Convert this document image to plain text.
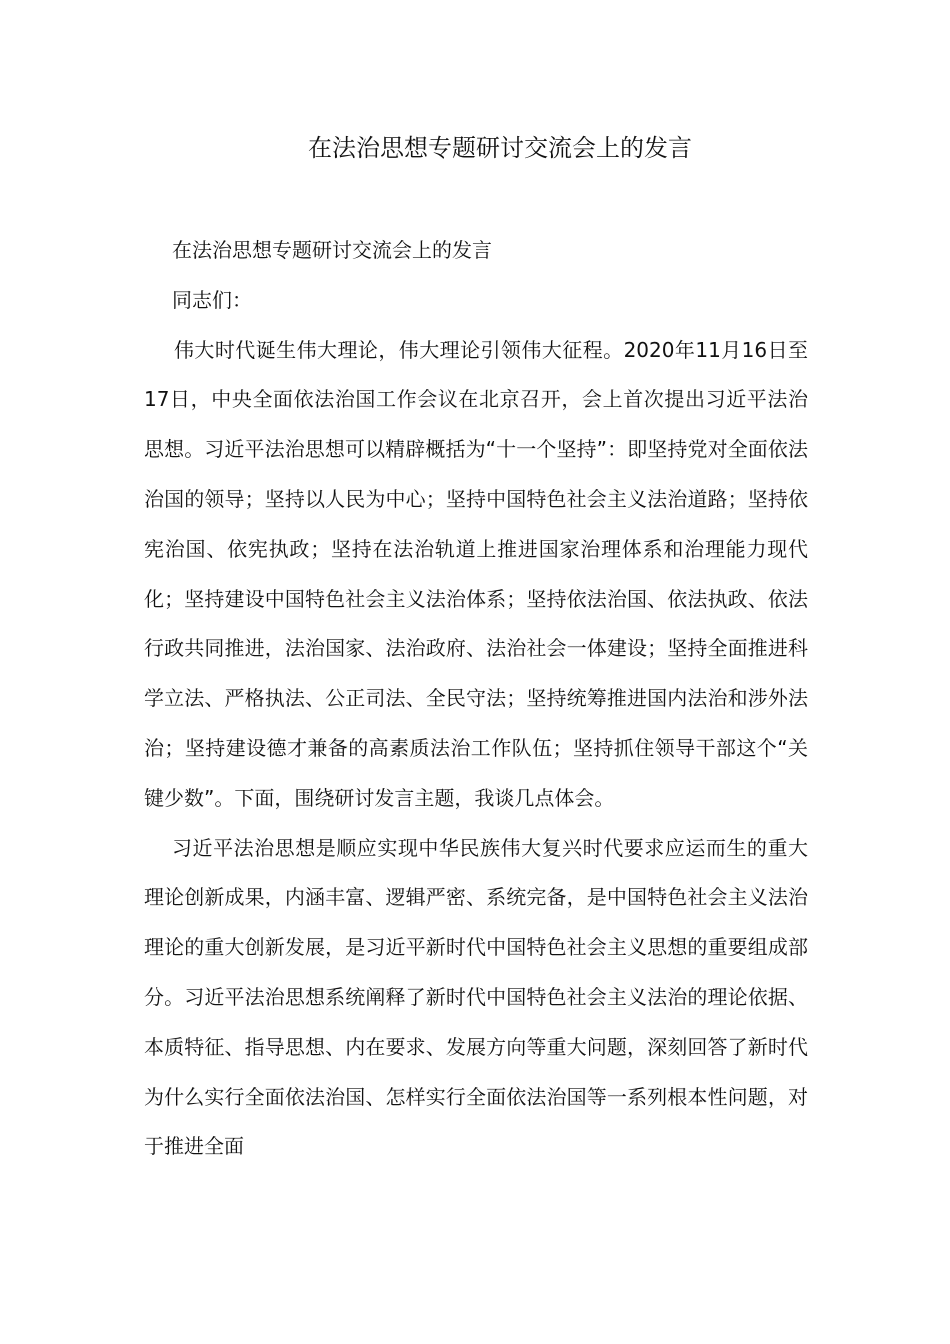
在法治思想专题研讨交流会上的发言

在法治思想专题研讨交流会上的发言

同志们：

伟大时代诞生伟大理论，伟大理论引领伟大征程。2020年11月16日至17日，中央全面依法治国工作会议在北京召开，会上首次提出习近平法治思想。习近平法治思想可以精辟概括为“十一个坚持”：即坚持党对全面依法治国的领导；坚持以人民为中心；坚持中国特色社会主义法治道路；坚持依宪治国、依宪执政；坚持在法治轨道上推进国家治理体系和治理能力现代化；坚持建设中国特色社会主义法治体系；坚持依法治国、依法执政、依法行政共同推进，法治国家、法治政府、法治社会一体建设；坚持全面推进科学立法、严格执法、公正司法、全民守法；坚持统筹推进国内法治和涉外法治；坚持建设德才兼备的高素质法治工作队伍；坚持抓住领导干部这个“关键少数”。下面，围绕研讨发言主题，我谈几点体会。

习近平法治思想是顺应实现中华民族伟大复兴时代要求应运而生的重大理论创新成果，内涵丰富、逻辑严密、系统完备，是中国特色社会主义法治理论的重大创新发展，是习近平新时代中国特色社会主义思想的重要组成部分。习近平法治思想系统阐释了新时代中国特色社会主义法治的理论依据、本质特征、指导思想、内在要求、发展方向等重大问题，深刻回答了新时代为什么实行全面依法治国、怎样实行全面依法治国等一系列根本性问题，对于推进全面
